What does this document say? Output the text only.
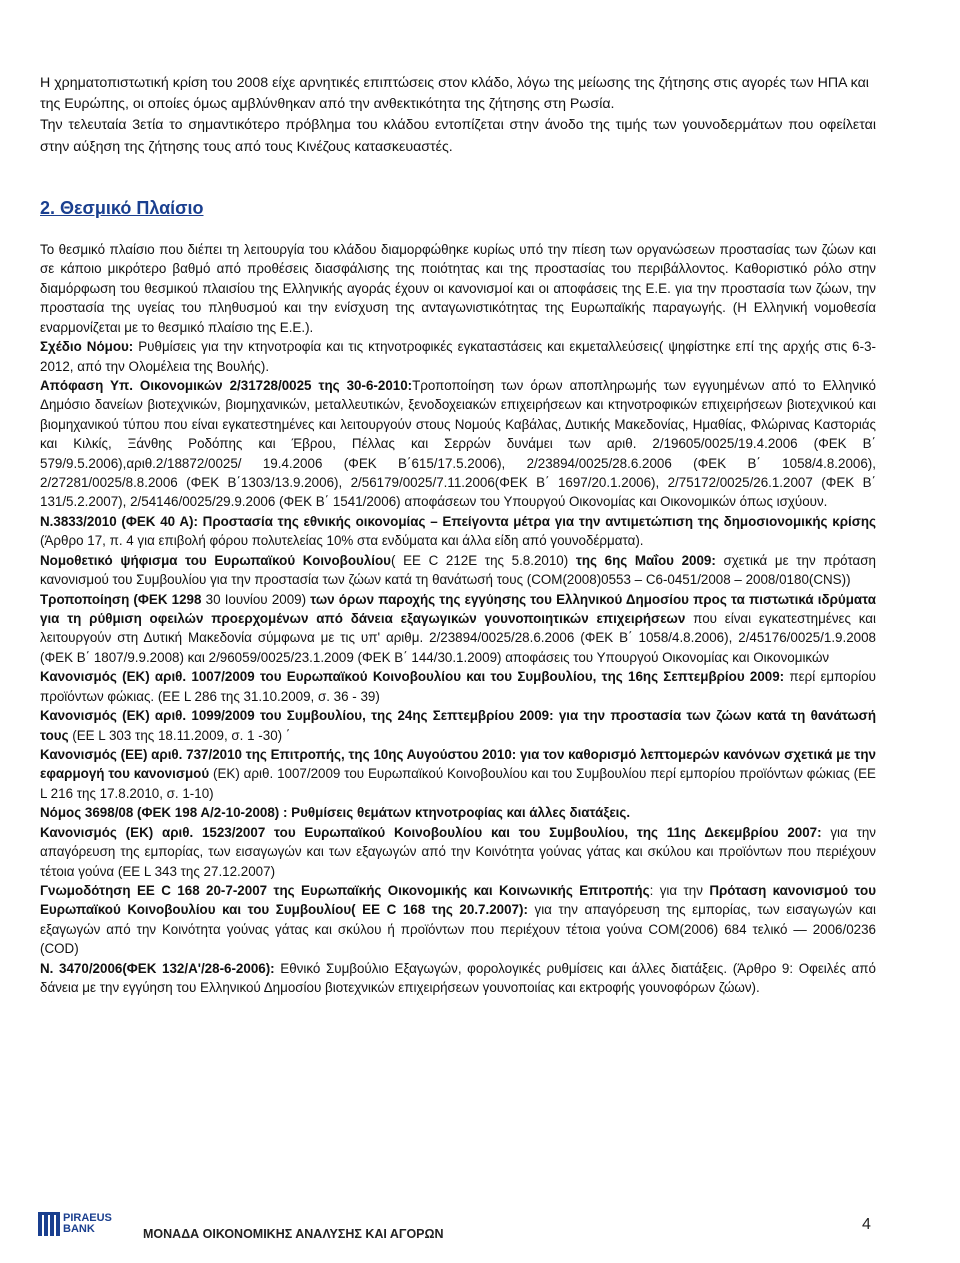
Η χρηματοπιστωτική κρίση του 2008 είχε αρνητικές επιπτώσεις στον κλάδο, λόγω της μείωσης της ζήτησης στις αγορές των ΗΠΑ και της Ευρώπης, οι οποίες όμως αμβλύνθηκαν από την ανθεκτικότητα της ζήτησης στη Ρωσία.

Την τελευταία 3ετία το σημαντικότερο πρόβλημα του κλάδου εντοπίζεται στην άνοδο της τιμής των γουνοδερμάτων που οφείλεται στην αύξηση της ζήτησης τους από τους Κινέζους κατασκευαστές.

2. Θεσμικό Πλαίσιο

Το θεσμικό πλαίσιο που διέπει τη λειτουργία του κλάδου διαμορφώθηκε κυρίως υπό την πίεση των οργανώσεων προστασίας των ζώων και σε κάποιο μικρότερο βαθμό από προθέσεις διασφάλισης της ποιότητας και της προστασίας του περιβάλλοντος. Καθοριστικό ρόλο στην διαμόρφωση του θεσμικού πλαισίου της Ελληνικής αγοράς έχουν οι κανονισμοί και οι αποφάσεις της Ε.Ε. για την προστασία των ζώων, την προστασία της υγείας του πληθυσμού και την ενίσχυση της ανταγωνιστικότητας της Ευρωπαϊκής παραγωγής. (Η Ελληνική νομοθεσία εναρμονίζεται με το θεσμικό πλαίσιο της Ε.Ε.).

Σχέδιο Νόμου: Ρυθμίσεις για την κτηνοτροφία και τις κτηνοτροφικές εγκαταστάσεις και εκμεταλλεύσεις( ψηφίστηκε επί της αρχής στις 6-3-2012, από την Ολομέλεια της Βουλής).

Απόφαση Υπ. Οικονομικών 2/31728/0025 της 30-6-2010:Τροποποίηση των όρων αποπληρωμής των εγγυημένων από το Ελληνικό Δημόσιο δανείων βιοτεχνικών, βιομηχανικών, μεταλλευτικών, ξενοδοχειακών επιχειρήσεων και κτηνοτροφικών επιχειρήσεων βιοτεχνικού και βιομηχανικού τύπου που είναι εγκατεστημένες και λειτουργούν στους Νομούς Καβάλας, Δυτικής Μακεδονίας, Ημαθίας, Φλώρινας Καστοριάς και Κιλκίς, Ξάνθης Ροδόπης και Έβρου, Πέλλας και Σερρών δυνάμει των αριθ. 2/19605/0025/19.4.2006 (ΦΕΚ Β΄ 579/9.5.2006),αριθ.2/18872/0025/ 19.4.2006 (ΦΕΚ Β΄615/17.5.2006), 2/23894/0025/28.6.2006 (ΦΕΚ Β΄ 1058/4.8.2006), 2/27281/0025/8.8.2006 (ΦΕΚ Β΄1303/13.9.2006), 2/56179/0025/7.11.2006(ΦΕΚ Β΄ 1697/20.1.2006), 2/75172/0025/26.1.2007 (ΦΕΚ Β΄ 131/5.2.2007), 2/54146/0025/29.9.2006 (ΦΕΚ Β΄ 1541/2006) αποφάσεων του Υπουργού Οικονομίας και Οικονομικών όπως ισχύουν.

Ν.3833/2010 (ΦΕΚ 40 Α): Προστασία της εθνικής οικονομίας – Επείγοντα μέτρα για την αντιμετώπιση της δημοσιονομικής κρίσης (Άρθρο 17, π. 4 για επιβολή φόρου πολυτελείας 10% στα ενδύματα και άλλα είδη από γουνοδέρματα).

Νομοθετικό ψήφισμα του Ευρωπαϊκού Κοινοβουλίου( EE C 212E της 5.8.2010) της 6ης Μαΐου 2009: σχετικά με την πρόταση κανονισμού του Συμβουλίου για την προστασία των ζώων κατά τη θανάτωσή τους (COM(2008)0553 – C6-0451/2008 – 2008/0180(CNS))

Τροποποίηση (ΦΕΚ 1298 30 Ιουνίου 2009) των όρων παροχής της εγγύησης του Ελληνικού Δημοσίου προς τα πιστωτικά ιδρύματα για τη ρύθμιση οφειλών προερχομένων από δάνεια εξαγωγικών γουνοποιητικών επιχειρήσεων που είναι εγκατεστημένες και λειτουργούν στη Δυτική Μακεδονία σύμφωνα με τις υπ' αριθμ. 2/23894/0025/28.6.2006 (ΦΕΚ Β΄ 1058/4.8.2006), 2/45176/0025/1.9.2008 (ΦΕΚ Β΄ 1807/9.9.2008) και 2/96059/0025/23.1.2009 (ΦΕΚ Β΄ 144/30.1.2009) αποφάσεις του Υπουργού Οικονομίας και Οικονομικών

Κανονισμός (ΕΚ) αριθ. 1007/2009 του Ευρωπαϊκού Κοινοβουλίου και του Συμβουλίου, της 16ης Σεπτεμβρίου 2009: περί εμπορίου προϊόντων φώκιας. (ΕΕ L 286 της 31.10.2009, σ. 36 - 39)

Κανονισμός (ΕΚ) αριθ. 1099/2009 του Συμβουλίου, της 24ης Σεπτεμβρίου 2009: για την προστασία των ζώων κατά τη θανάτωσή τους (ΕΕ L 303 της 18.11.2009, σ. 1 -30) ΄

Κανονισμός (ΕΕ) αριθ. 737/2010 της Επιτροπής, της 10ης Αυγούστου 2010: για τον καθορισμό λεπτομερών κανόνων σχετικά με την εφαρμογή του κανονισμού (ΕΚ) αριθ. 1007/2009 του Ευρωπαϊκού Κοινοβουλίου και του Συμβουλίου περί εμπορίου προϊόντων φώκιας (ΕΕ L 216 της 17.8.2010, σ. 1-10)

Νόμος 3698/08 (ΦΕΚ 198 Α/2-10-2008) : Ρυθμίσεις θεμάτων κτηνοτροφίας και άλλες διατάξεις.

Κανονισμός (ΕΚ) αριθ. 1523/2007 του Ευρωπαϊκού Κοινοβουλίου και του Συμβουλίου, της 11ης Δεκεμβρίου 2007: για την απαγόρευση της εμπορίας, των εισαγωγών και των εξαγωγών από την Κοινότητα γούνας γάτας και σκύλου και προϊόντων που περιέχουν τέτοια γούνα (ΕΕ L 343 της 27.12.2007)

Γνωμοδότηση ΕΕ C 168 20-7-2007 της Ευρωπαϊκής Οικονομικής και Κοινωνικής Επιτροπής: για την Πρόταση κανονισμού του Ευρωπαϊκού Κοινοβουλίου και του Συμβουλίου( ΕΕ C 168 της 20.7.2007): για την απαγόρευση της εμπορίας, των εισαγωγών και εξαγωγών από την Κοινότητα γούνας γάτας και σκύλου ή προϊόντων που περιέχουν τέτοια γούνα COM(2006) 684 τελικό — 2006/0236 (COD)

Ν. 3470/2006(ΦΕΚ 132/Α'/28-6-2006): Εθνικό Συμβούλιο Εξαγωγών, φορολογικές ρυθμίσεις και άλλες διατάξεις. (Άρθρο 9: Οφειλές από δάνεια με την εγγύηση του Ελληνικού Δημοσίου βιοτεχνικών επιχειρήσεων γουνοποιίας και εκτροφής γουνοφόρων ζώων).

PIRAEUS
BANK	ΜΟΝΑΔΑ ΟΙΚΟΝΟΜΙΚΗΣ ΑΝΑΛΥΣΗΣ ΚΑΙ ΑΓΟΡΩΝ
4
